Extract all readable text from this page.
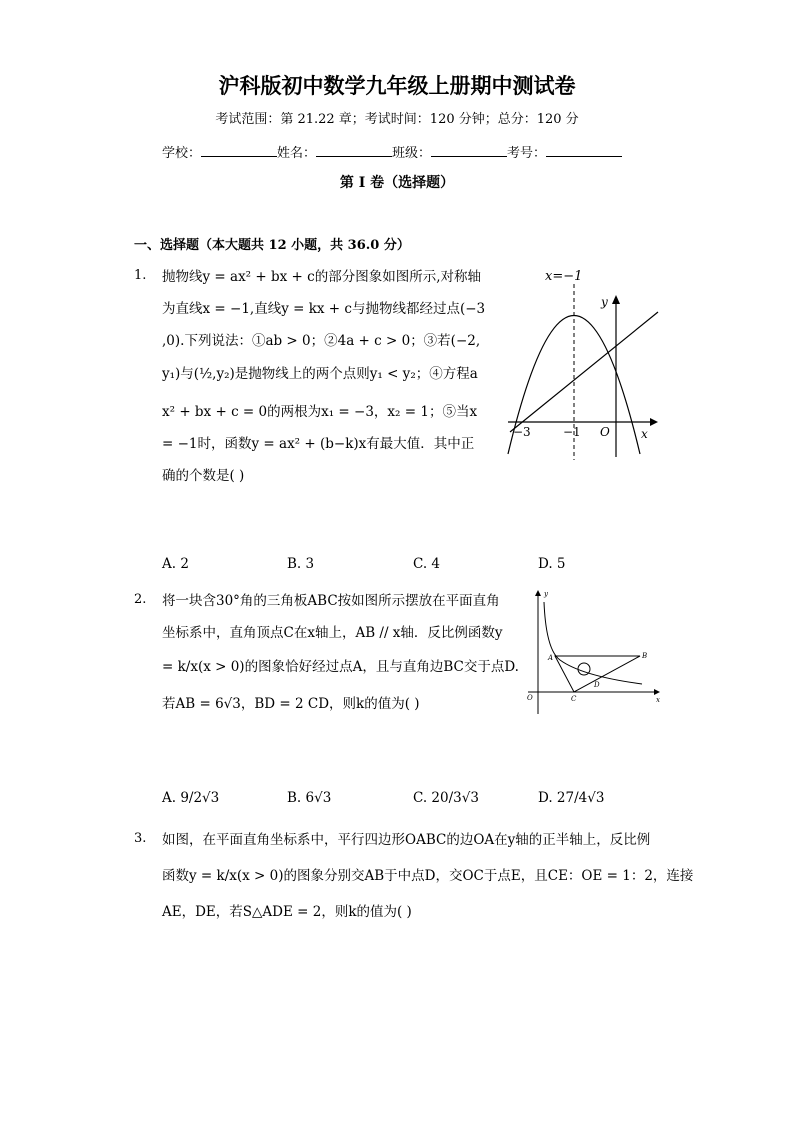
沪科版初中数学九年级上册期中测试卷
考试范围：第 21.22 章；考试时间：120 分钟；总分：120 分
学校：	姓名：	班级：	考号：
第 I 卷（选择题）
一、选择题（本大题共 12 小题，共 36.0 分）
1. 抛物线y = ax² + bx + c的部分图象如图所示,对称轴
为直线x = −1,直线y = kx + c与抛物线都经过点(−3
,0).下列说法：①ab > 0；②4a + c > 0；③若(−2,
y₁)与(½,y₂)是抛物线上的两个点则y₁ < y₂；④方程a
x² + bx + c = 0的两根为x₁ = −3，x₂ = 1；⑤当x
= −1时，函数y = ax² + (b−k)x有最大值．其中正
确的个数是( )
x=−1
y
x
O
−3	−1
A. 2	B. 3	C. 4	D. 5
2. 将一块含30°角的三角板ABC按如图所示摆放在平面直角
坐标系中，直角顶点C在x轴上，AB // x轴．反比例函数y
= k/x(x > 0)的图象恰好经过点A，且与直角边BC交于点D.
若AB = 6√3，BD = 2 CD，则k的值为( )
y
x
O
A	B
C
D
A. 9/2√3	B. 6√3	C. 20/3√3	D. 27/4√3
3. 如图，在平面直角坐标系中，平行四边形OABC的边OA在y轴的正半轴上，反比例
函数y = k/x(x > 0)的图象分别交AB于中点D，交OC于点E，且CE：OE = 1：2，连接
AE，DE，若S△ADE = 2，则k的值为( )
